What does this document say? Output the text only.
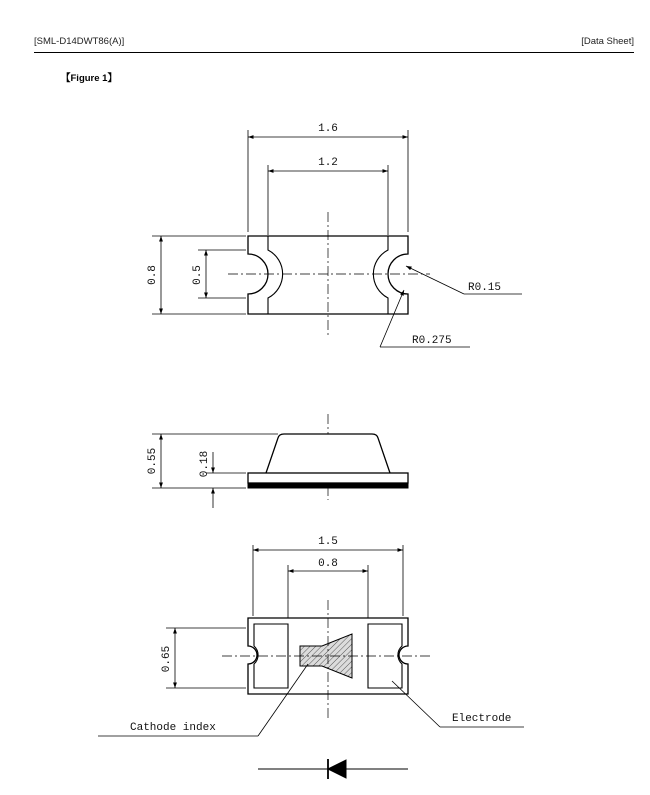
[SML-D14DWT86(A)]	[Data Sheet]
【Figure 1】
1.6
1.2
0.8	0.5
R0.15
R0.275
0.55	0.18
1.5
0.8
0.65
Cathode index
Electrode
